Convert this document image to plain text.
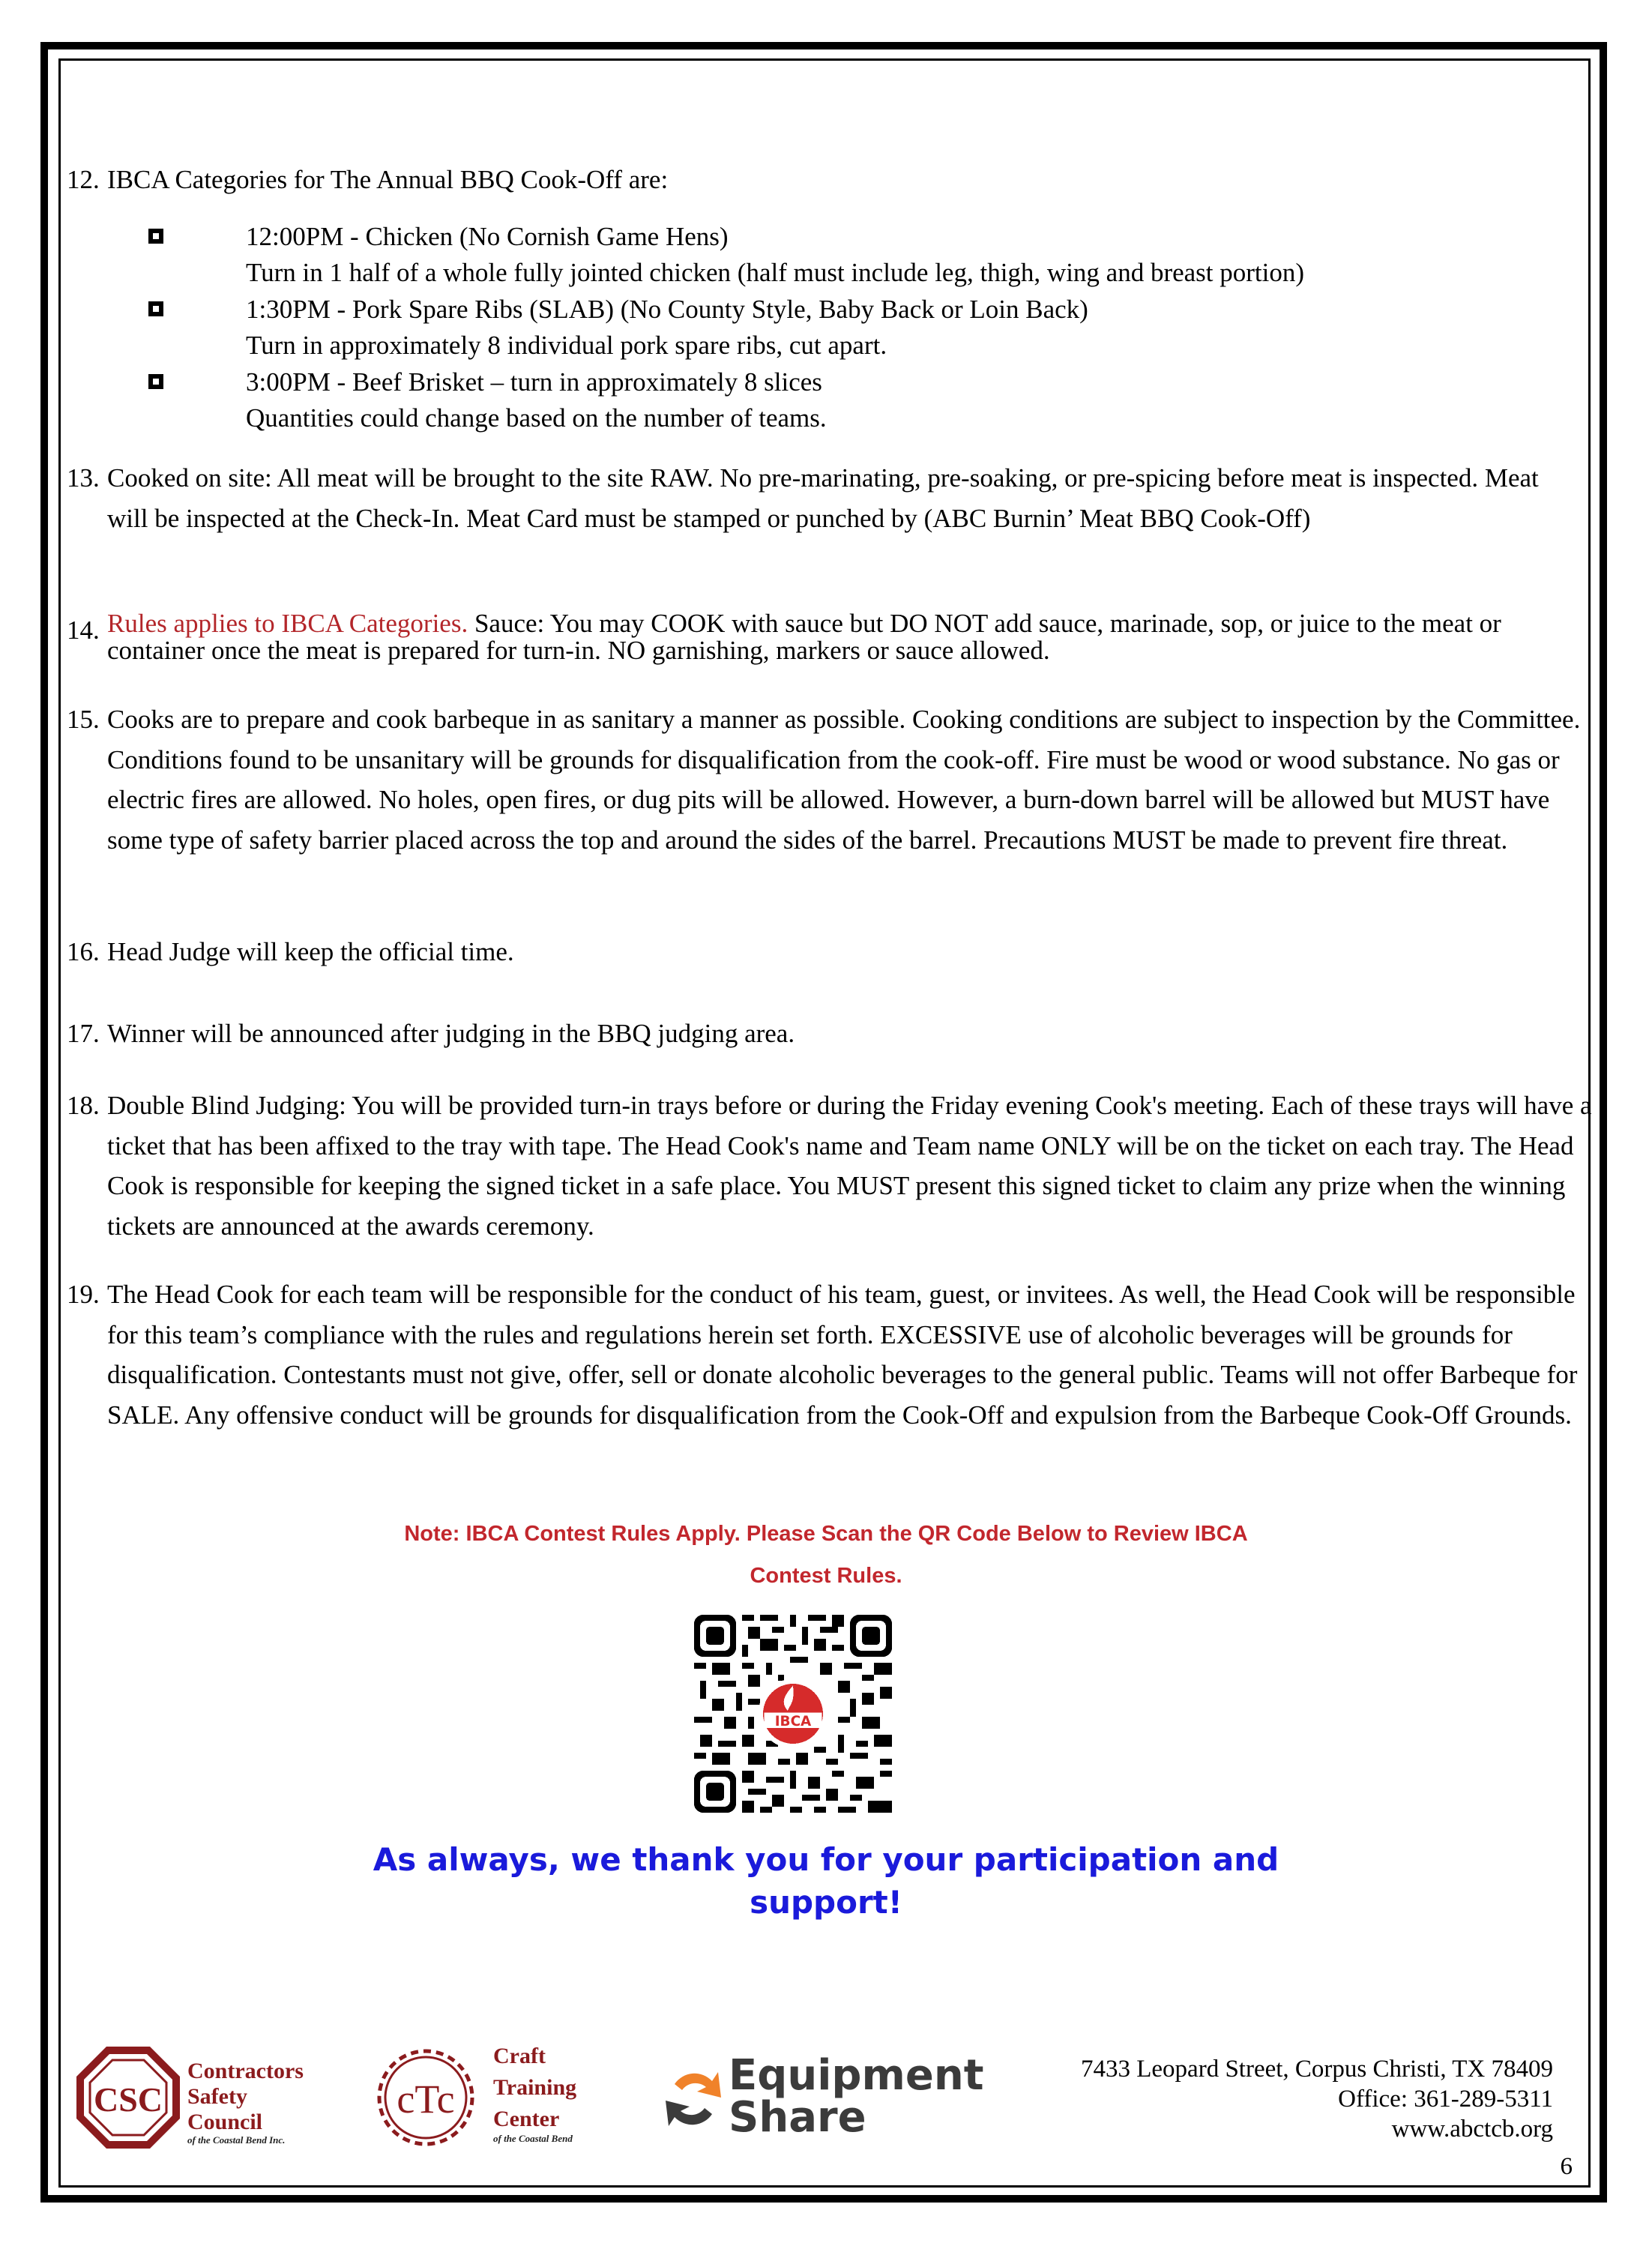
12. IBCA Categories for The Annual BBQ Cook-Off are:
12:00PM - Chicken (No Cornish Game Hens)
Turn in 1 half of a whole fully jointed chicken (half must include leg, thigh, wing and breast portion)
1:30PM - Pork Spare Ribs (SLAB) (No County Style, Baby Back or Loin Back)
Turn in approximately 8 individual pork spare ribs, cut apart.
3:00PM - Beef Brisket – turn in approximately 8 slices
Quantities could change based on the number of teams.
13. Cooked on site: All meat will be brought to the site RAW. No pre-marinating, pre-soaking, or pre-spicing before meat is inspected. Meat will be inspected at the Check-In. Meat Card must be stamped or punched by (ABC Burnin’ Meat BBQ Cook-Off)
14. Rules applies to IBCA Categories. Sauce: You may COOK with sauce but DO NOT add sauce, marinade, sop, or juice to the meat or container once the meat is prepared for turn-in. NO garnishing, markers or sauce allowed.
15. Cooks are to prepare and cook barbeque in as sanitary a manner as possible. Cooking conditions are subject to inspection by the Committee. Conditions found to be unsanitary will be grounds for disqualification from the cook-off. Fire must be wood or wood substance. No gas or electric fires are allowed. No holes, open fires, or dug pits will be allowed. However, a burn-down barrel will be allowed but MUST have some type of safety barrier placed across the top and around the sides of the barrel. Precautions MUST be made to prevent fire threat.
16. Head Judge will keep the official time.
17. Winner will be announced after judging in the BBQ judging area.
18. Double Blind Judging: You will be provided turn-in trays before or during the Friday evening Cook's meeting. Each of these trays will have a ticket that has been affixed to the tray with tape. The Head Cook's name and Team name ONLY will be on the ticket on each tray. The Head Cook is responsible for keeping the signed ticket in a safe place. You MUST present this signed ticket to claim any prize when the winning tickets are announced at the awards ceremony.
19. The Head Cook for each team will be responsible for the conduct of his team, guest, or invitees. As well, the Head Cook will be responsible for this team’s compliance with the rules and regulations herein set forth. EXCESSIVE use of alcoholic beverages will be grounds for disqualification. Contestants must not give, offer, sell or donate alcoholic beverages to the general public. Teams will not offer Barbeque for SALE. Any offensive conduct will be grounds for disqualification from the Cook-Off and expulsion from the Barbeque Cook-Off Grounds.
Note: IBCA Contest Rules Apply. Please Scan the QR Code Below to Review IBCA
Contest Rules.
IBCA
As always, we thank you for your participation and
support!
CSC
Contractors
Safety
Council
of the Coastal Bend Inc.
cTc
Craft
Training
Center
of the Coastal Bend
Equipment
Share
7433 Leopard Street, Corpus Christi, TX 78409
Office: 361-289-5311
www.abctcb.org
6
